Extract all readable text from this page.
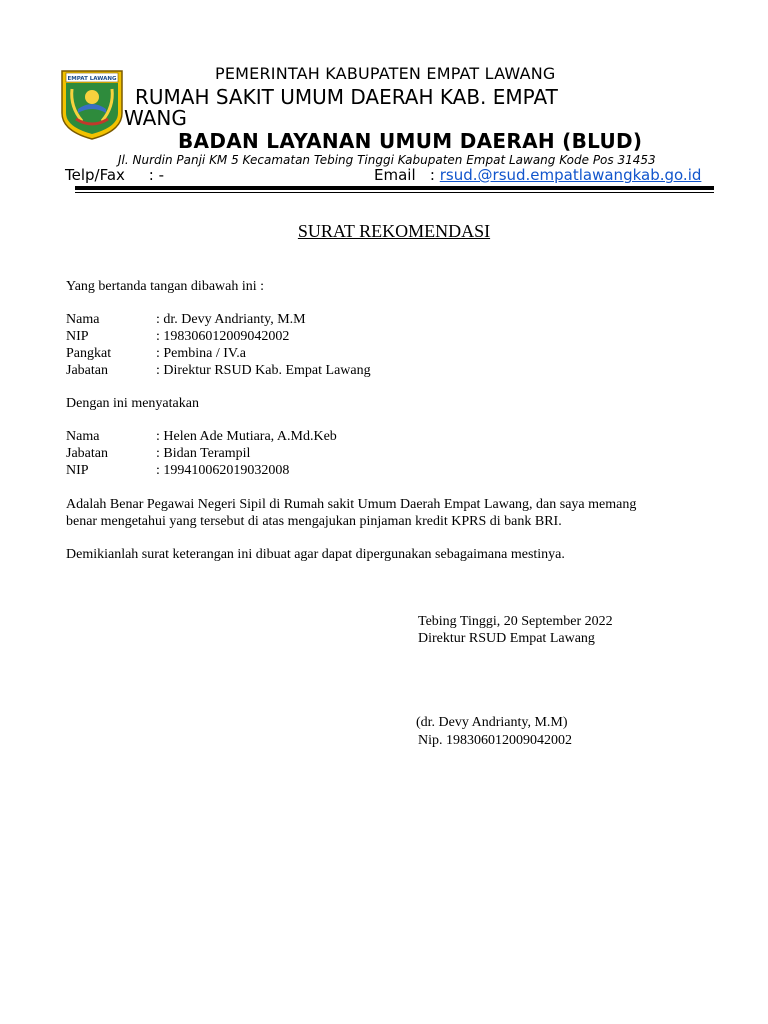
EMPAT LAWANG	PEMERINTAH KABUPATEN EMPAT LAWANG
RUMAH SAKIT UMUM DAERAH KAB. EMPAT
WANG
BADAN LAYANAN UMUM DAERAH (BLUD)
Jl. Nurdin Panji KM 5 Kecamatan Tebing Tinggi Kabupaten Empat Lawang Kode Pos 31453
Telp/Fax     : -	Email   : rsud.@rsud.empatlawangkab.go.id
SURAT REKOMENDASI
Yang bertanda tangan dibawah ini :
Nama	: dr. Devy Andrianty, M.M
NIP	: 198306012009042002
Pangkat	: Pembina / IV.a
Jabatan	: Direktur RSUD Kab. Empat Lawang
Dengan ini menyatakan
Nama	: Helen Ade Mutiara, A.Md.Keb
Jabatan	: Bidan Terampil
NIP	: 199410062019032008
Adalah Benar Pegawai Negeri Sipil di Rumah sakit Umum Daerah Empat Lawang, dan saya memang
benar mengetahui yang tersebut di atas mengajukan pinjaman kredit KPRS di bank BRI.
Demikianlah surat keterangan ini dibuat agar dapat dipergunakan sebagaimana mestinya.
Tebing Tinggi, 20 September 2022
Direktur RSUD Empat Lawang
(dr. Devy Andrianty, M.M)
Nip. 198306012009042002
